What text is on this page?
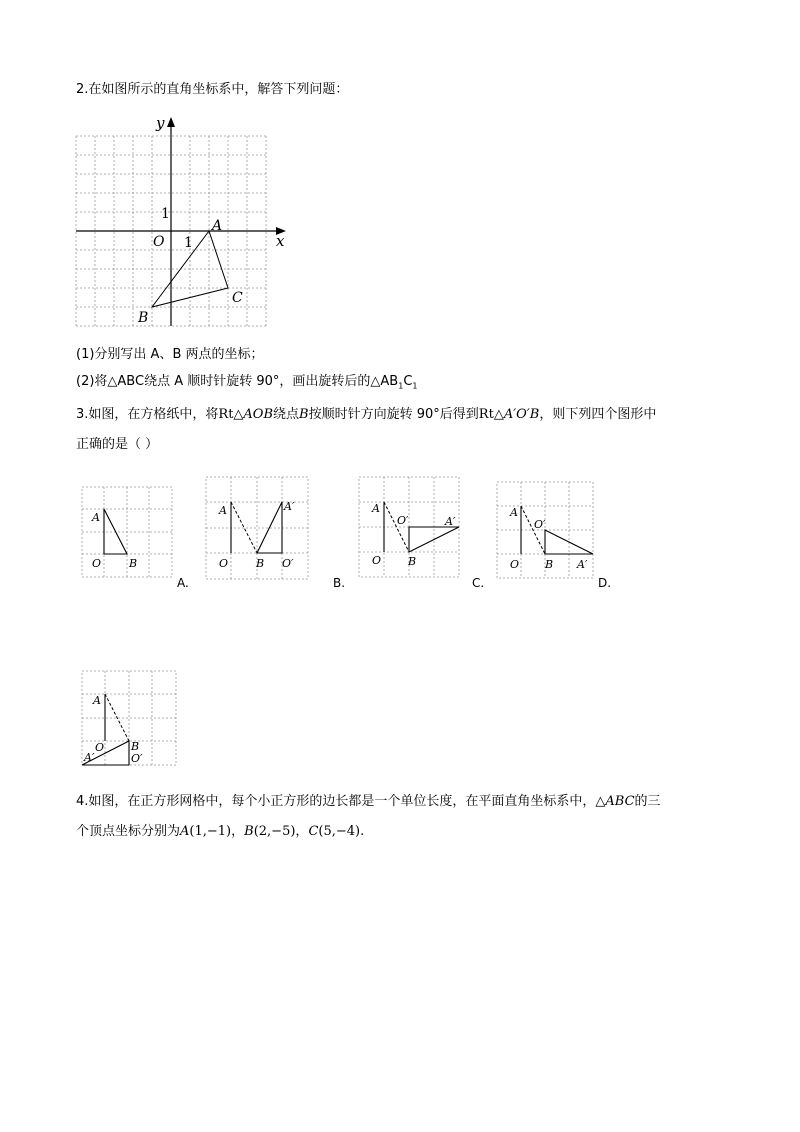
2.在如图所示的直角坐标系中，解答下列问题：
y
x
O 1
1
A
B
C
(1)分别写出 A、B 两点的坐标；
(2)将△ABC绕点 A 顺时针旋转 90°，画出旋转后的$\triangle AB_1C_1$
3.如图，在方格纸中，将Rt△AOB绕点B按顺时针方向旋转 90°后得到Rt△A′O′B，则下列四个图形中
正确的是（ ）
A
O	B
A.
A
O	B
A′
O′
B.
A
O B
O′	A′
C.
A
O B
O′
A′
D.
A
O B
O′
A′
4.如图，在正方形网格中，每个小正方形的边长都是一个单位长度，在平面直角坐标系中，△ABC的三
个顶点坐标分别为A(1,−1)，B(2,−5)，C(5,−4).
